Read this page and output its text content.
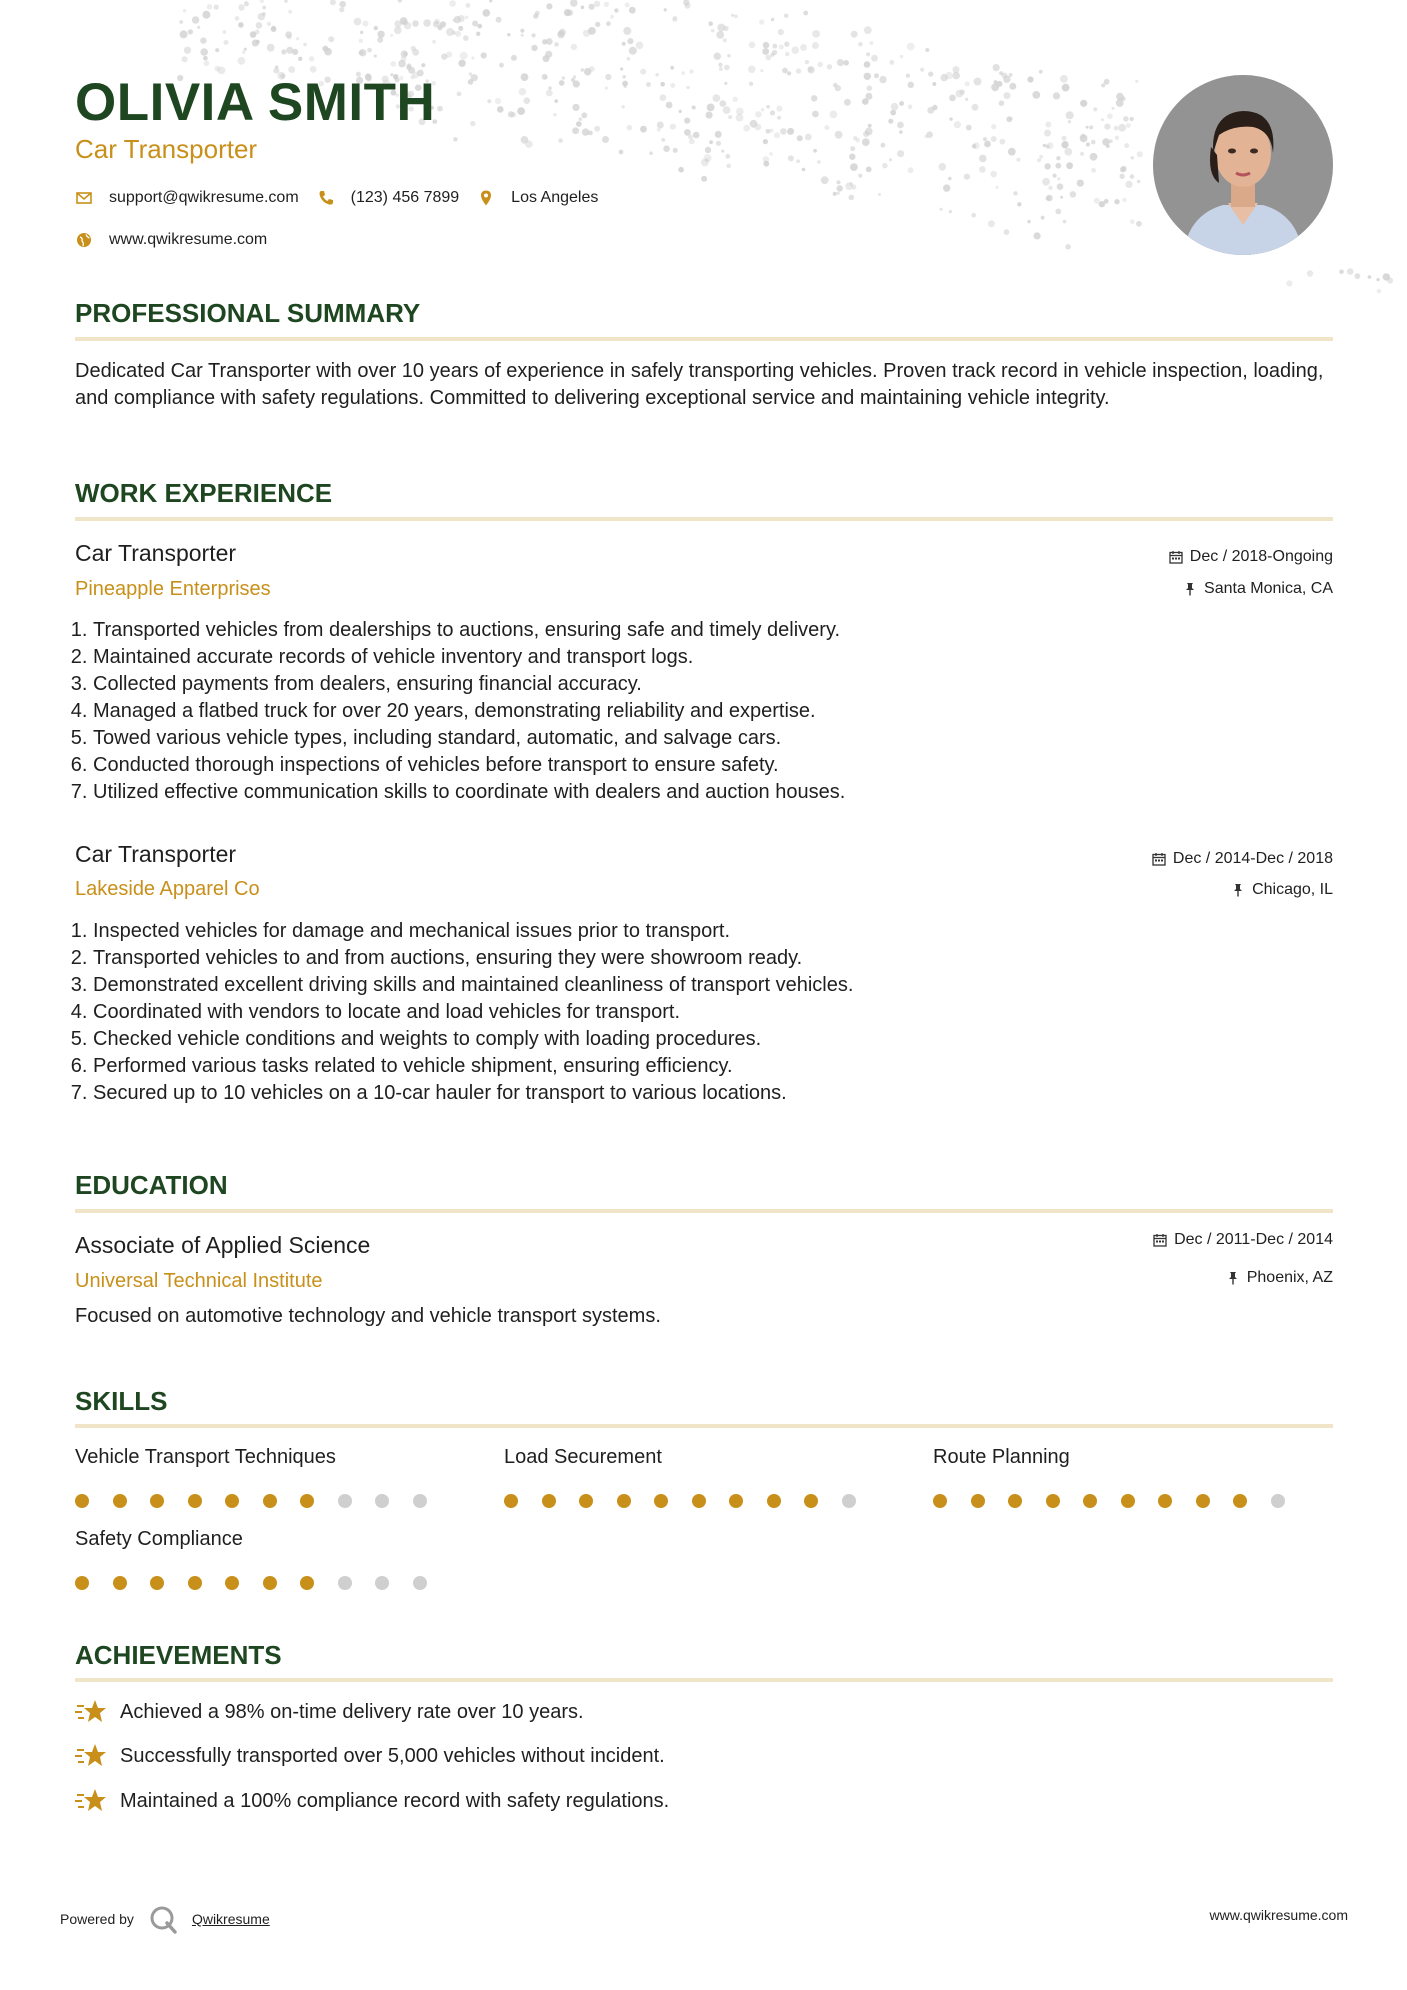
OLIVIA SMITH
Car Transporter
support@qwikresume.com	(123) 456 7899	Los Angeles
www.qwikresume.com
PROFESSIONAL SUMMARY
Dedicated Car Transporter with over 10 years of experience in safely transporting vehicles. Proven track record in vehicle inspection, loading, and compliance with safety regulations. Committed to delivering exceptional service and maintaining vehicle integrity.
WORK EXPERIENCE
Car Transporter
Pineapple Enterprises
Dec / 2018-Ongoing
Santa Monica, CA
1. Transported vehicles from dealerships to auctions, ensuring safe and timely delivery.
2. Maintained accurate records of vehicle inventory and transport logs.
3. Collected payments from dealers, ensuring financial accuracy.
4. Managed a flatbed truck for over 20 years, demonstrating reliability and expertise.
5. Towed various vehicle types, including standard, automatic, and salvage cars.
6. Conducted thorough inspections of vehicles before transport to ensure safety.
7. Utilized effective communication skills to coordinate with dealers and auction houses.
Car Transporter
Lakeside Apparel Co
Dec / 2014-Dec / 2018
Chicago, IL
1. Inspected vehicles for damage and mechanical issues prior to transport.
2. Transported vehicles to and from auctions, ensuring they were showroom ready.
3. Demonstrated excellent driving skills and maintained cleanliness of transport vehicles.
4. Coordinated with vendors to locate and load vehicles for transport.
5. Checked vehicle conditions and weights to comply with loading procedures.
6. Performed various tasks related to vehicle shipment, ensuring efficiency.
7. Secured up to 10 vehicles on a 10-car hauler for transport to various locations.
EDUCATION
Associate of Applied Science
Universal Technical Institute
Dec / 2011-Dec / 2014
Phoenix, AZ
Focused on automotive technology and vehicle transport systems.
SKILLS
Vehicle Transport Techniques	Load Securement	Route Planning
Safety Compliance
ACHIEVEMENTS
Achieved a 98% on-time delivery rate over 10 years.
Successfully transported over 5,000 vehicles without incident.
Maintained a 100% compliance record with safety regulations.
Powered by	Qwikresume	www.qwikresume.com
